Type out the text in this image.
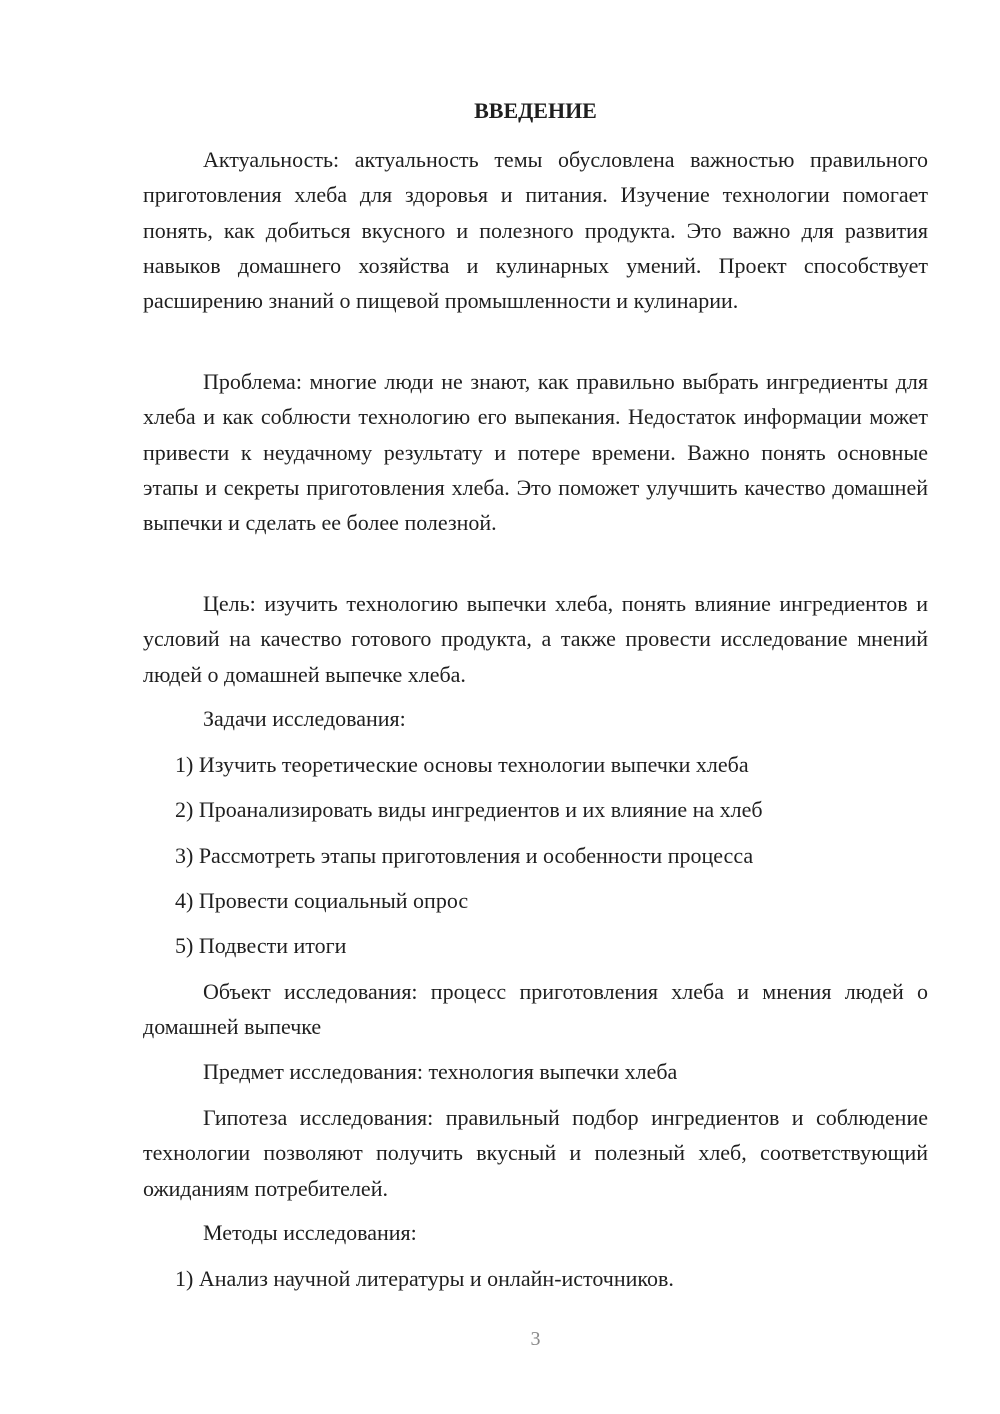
ВВЕДЕНИЕ

Актуальность: актуальность темы обусловлена важностью правильного приготовления хлеба для здоровья и питания. Изучение технологии помогает понять, как добиться вкусного и полезного продукта. Это важно для развития навыков домашнего хозяйства и кулинарных умений. Проект способствует расширению знаний о пищевой промышленности и кулинарии.

Проблема: многие люди не знают, как правильно выбрать ингредиенты для хлеба и как соблюсти технологию его выпекания. Недостаток информации может привести к неудачному результату и потере времени. Важно понять основные этапы и секреты приготовления хлеба. Это поможет улучшить качество домашней выпечки и сделать ее более полезной.

Цель: изучить технологию выпечки хлеба, понять влияние ингредиентов и условий на качество готового продукта, а также провести исследование мнений людей о домашней выпечке хлеба.

Задачи исследования:

1) Изучить теоретические основы технологии выпечки хлеба

2) Проанализировать виды ингредиентов и их влияние на хлеб

3) Рассмотреть этапы приготовления и особенности процесса

4) Провести социальный опрос

5) Подвести итоги

Объект исследования: процесс приготовления хлеба и мнения людей о домашней выпечке

Предмет исследования: технология выпечки хлеба

Гипотеза исследования: правильный подбор ингредиентов и соблюдение технологии позволяют получить вкусный и полезный хлеб, соответствующий ожиданиям потребителей.

Методы исследования:

1) Анализ научной литературы и онлайн-источников.

3
